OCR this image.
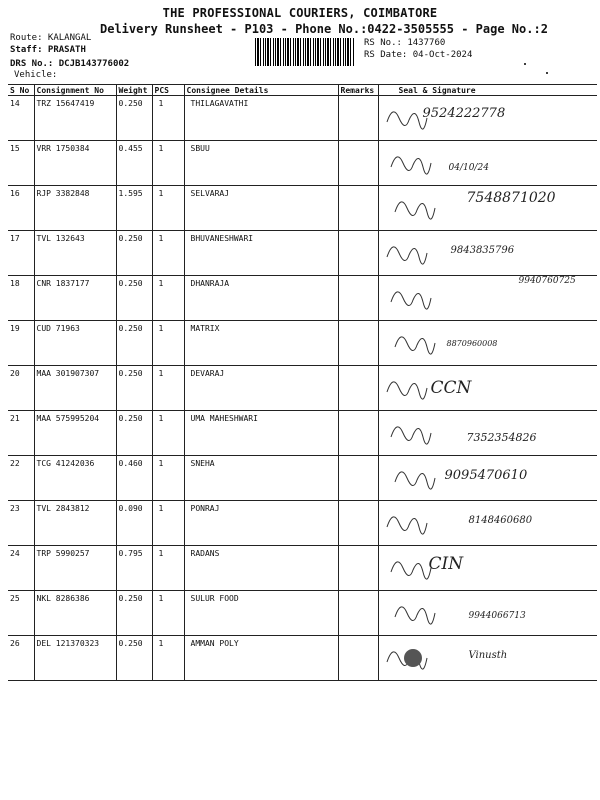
THE PROFESSIONAL COURIERS, COIMBATORE
Delivery Runsheet - P103 - Phone No.:0422-3505555 - Page No.:2
Route: KALANGAL
Staff: PRASATH
DRS No.: DCJB143776002
Vehicle:
RS No.: 1437760
RS Date: 04-Oct-2024
S No	Consignment No	Weight	PCS	Consignee Details	Remarks	Seal & Signature
14	TRZ 15647419	0.250	1	THILAGAVATHI		9524222778

15	VRR 1750384	0.455	1	SBUU		04/10/24

16	RJP 3382848	1.595	1	SELVARAJ		7548871020

17	TVL 132643	0.250	1	BHUVANESHWARI		9843835796

18	CNR 1837177	0.250	1	DHANRAJA		9940760725

19	CUD 71963	0.250	1	MATRIX		8870960008

20	MAA 301907307	0.250	1	DEVARAJ		CCN

21	MAA 575995204	0.250	1	UMA MAHESHWARI		7352354826

22	TCG 41242036	0.460	1	SNEHA		9095470610

23	TVL 2843812	0.090	1	PONRAJ		8148460680

24	TRP 5990257	0.795	1	RADANS		CIN

25	NKL 8286386	0.250	1	SULUR FOOD		9944066713

26	DEL 121370323	0.250	1	AMMAN POLY		Vinusth
